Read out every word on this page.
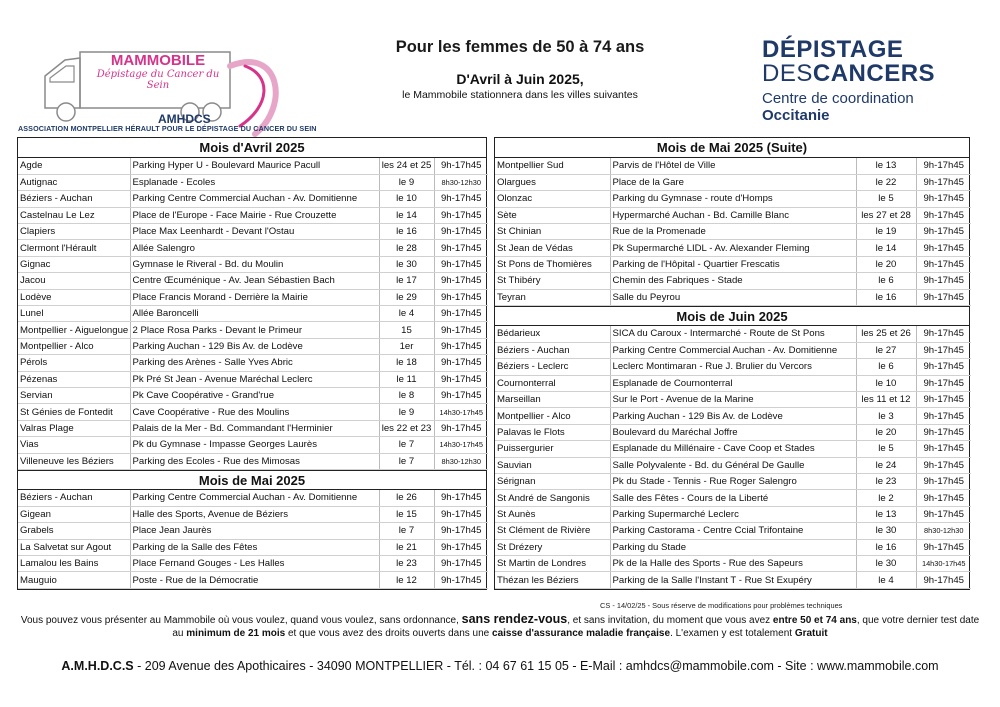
MAMMOBILE
Dépistage du Cancer du Sein
AMHDCS
ASSOCIATION MONTPELLIER HÉRAULT POUR LE DÉPISTAGE DU CANCER DU SEIN
Pour les femmes de 50 à 74 ans
D'Avril à Juin 2025,
le Mammobile stationnera dans les villes suivantes
DÉPISTAGE
DESCANCERS
Centre de coordination
Occitanie
Mois d'Avril 2025
Agde	Parking Hyper U - Boulevard Maurice Pacull	les 24 et 25	9h-17h45
Autignac	Esplanade - Ecoles	le 9	8h30-12h30
Béziers - Auchan	Parking Centre Commercial Auchan - Av. Domitienne	le 10	9h-17h45
Castelnau Le Lez	Place de l'Europe - Face Mairie - Rue Crouzette	le 14	9h-17h45
Clapiers	Place Max Leenhardt - Devant l'Ostau	le 16	9h-17h45
Clermont l'Hérault	Allée Salengro	le 28	9h-17h45
Gignac	Gymnase le Riveral - Bd. du Moulin	le 30	9h-17h45
Jacou	Centre Œcuménique - Av. Jean Sébastien Bach	le 17	9h-17h45
Lodève	Place Francis Morand - Derrière la Mairie	le 29	9h-17h45
Lunel	Allée Baroncelli	le 4	9h-17h45
Montpellier - Aiguelongue	2 Place Rosa Parks - Devant le Primeur	15	9h-17h45
Montpellier - Alco	Parking Auchan - 129 Bis Av. de Lodève	1er	9h-17h45
Pérols	Parking des Arènes - Salle Yves Abric	le 18	9h-17h45
Pézenas	Pk Pré St Jean - Avenue Maréchal Leclerc	le 11	9h-17h45
Servian	Pk Cave Coopérative - Grand'rue	le 8	9h-17h45
St Génies de Fontedit	Cave Coopérative - Rue des Moulins	le 9	14h30-17h45
Valras Plage	Palais de la Mer - Bd. Commandant l'Herminier	les 22 et 23	9h-17h45
Vias	Pk du Gymnase - Impasse Georges Laurès	le 7	14h30-17h45
Villeneuve les Béziers	Parking des Ecoles - Rue des Mimosas	le 7	8h30-12h30
Mois de Mai 2025
Béziers - Auchan	Parking Centre Commercial Auchan - Av. Domitienne	le 26	9h-17h45
Gigean	Halle des Sports, Avenue de Béziers	le 15	9h-17h45
Grabels	Place Jean Jaurès	le 7	9h-17h45
La Salvetat sur Agout	Parking de la Salle des Fêtes	le 21	9h-17h45
Lamalou les Bains	Place Fernand Gouges - Les Halles	le 23	9h-17h45
Mauguio	Poste - Rue de la Démocratie	le 12	9h-17h45
Mois de Mai 2025 (Suite)
Montpellier Sud	Parvis de l'Hôtel de Ville	le 13	9h-17h45
Olargues	Place de la Gare	le 22	9h-17h45
Olonzac	Parking du Gymnase - route d'Homps	le 5	9h-17h45
Sète	Hypermarché Auchan - Bd. Camille Blanc	les 27 et 28	9h-17h45
St Chinian	Rue de la Promenade	le 19	9h-17h45
St Jean de Védas	Pk Supermarché LIDL - Av. Alexander Fleming	le 14	9h-17h45
St Pons de Thomières	Parking de l'Hôpital - Quartier Frescatis	le 20	9h-17h45
St Thibéry	Chemin des Fabriques - Stade	le 6	9h-17h45
Teyran	Salle du Peyrou	le 16	9h-17h45
Mois de Juin 2025
Bédarieux	SICA du Caroux - Intermarché - Route de St Pons	les 25 et 26	9h-17h45
Béziers - Auchan	Parking Centre Commercial Auchan - Av. Domitienne	le 27	9h-17h45
Béziers - Leclerc	Leclerc Montimaran - Rue J. Brulier du Vercors	le 6	9h-17h45
Cournonterral	Esplanade de Cournonterral	le 10	9h-17h45
Marseillan	Sur le Port - Avenue de la Marine	les 11 et 12	9h-17h45
Montpellier - Alco	Parking Auchan - 129 Bis Av. de Lodève	le 3	9h-17h45
Palavas le Flots	Boulevard du Maréchal Joffre	le 20	9h-17h45
Puissergurier	Esplanade du Millénaire - Cave Coop et Stades	le 5	9h-17h45
Sauvian	Salle Polyvalente - Bd. du Général De Gaulle	le 24	9h-17h45
Sérignan	Pk du Stade - Tennis - Rue Roger Salengro	le 23	9h-17h45
St André de Sangonis	Salle des Fêtes - Cours de la Liberté	le 2	9h-17h45
St Aunès	Parking Supermarché Leclerc	le 13	9h-17h45
St Clément de Rivière	Parking Castorama - Centre Ccial Trifontaine	le 30	8h30-12h30
St Drézery	Parking du Stade	le 16	9h-17h45
St Martin de Londres	Pk de la Halle des Sports - Rue des Sapeurs	le 30	14h30-17h45
Thézan les Béziers	Parking de la Salle l'Instant T - Rue St Exupéry	le 4	9h-17h45
CS - 14/02/25 - Sous réserve de modifications pour problèmes techniques
Vous pouvez vous présenter au Mammobile où vous voulez, quand vous voulez, sans ordonnance, sans rendez-vous, et sans invitation, du moment que vous avez entre 50 et 74 ans, que votre dernier test date au minimum de 21 mois et que vous avez des droits ouverts dans une caisse d'assurance maladie française. L'examen y est totalement Gratuit
A.M.H.D.C.S - 209 Avenue des Apothicaires - 34090 MONTPELLIER - Tél. : 04 67 61 15 05 - E-Mail : amhdcs@mammobile.com - Site : www.mammobile.com
